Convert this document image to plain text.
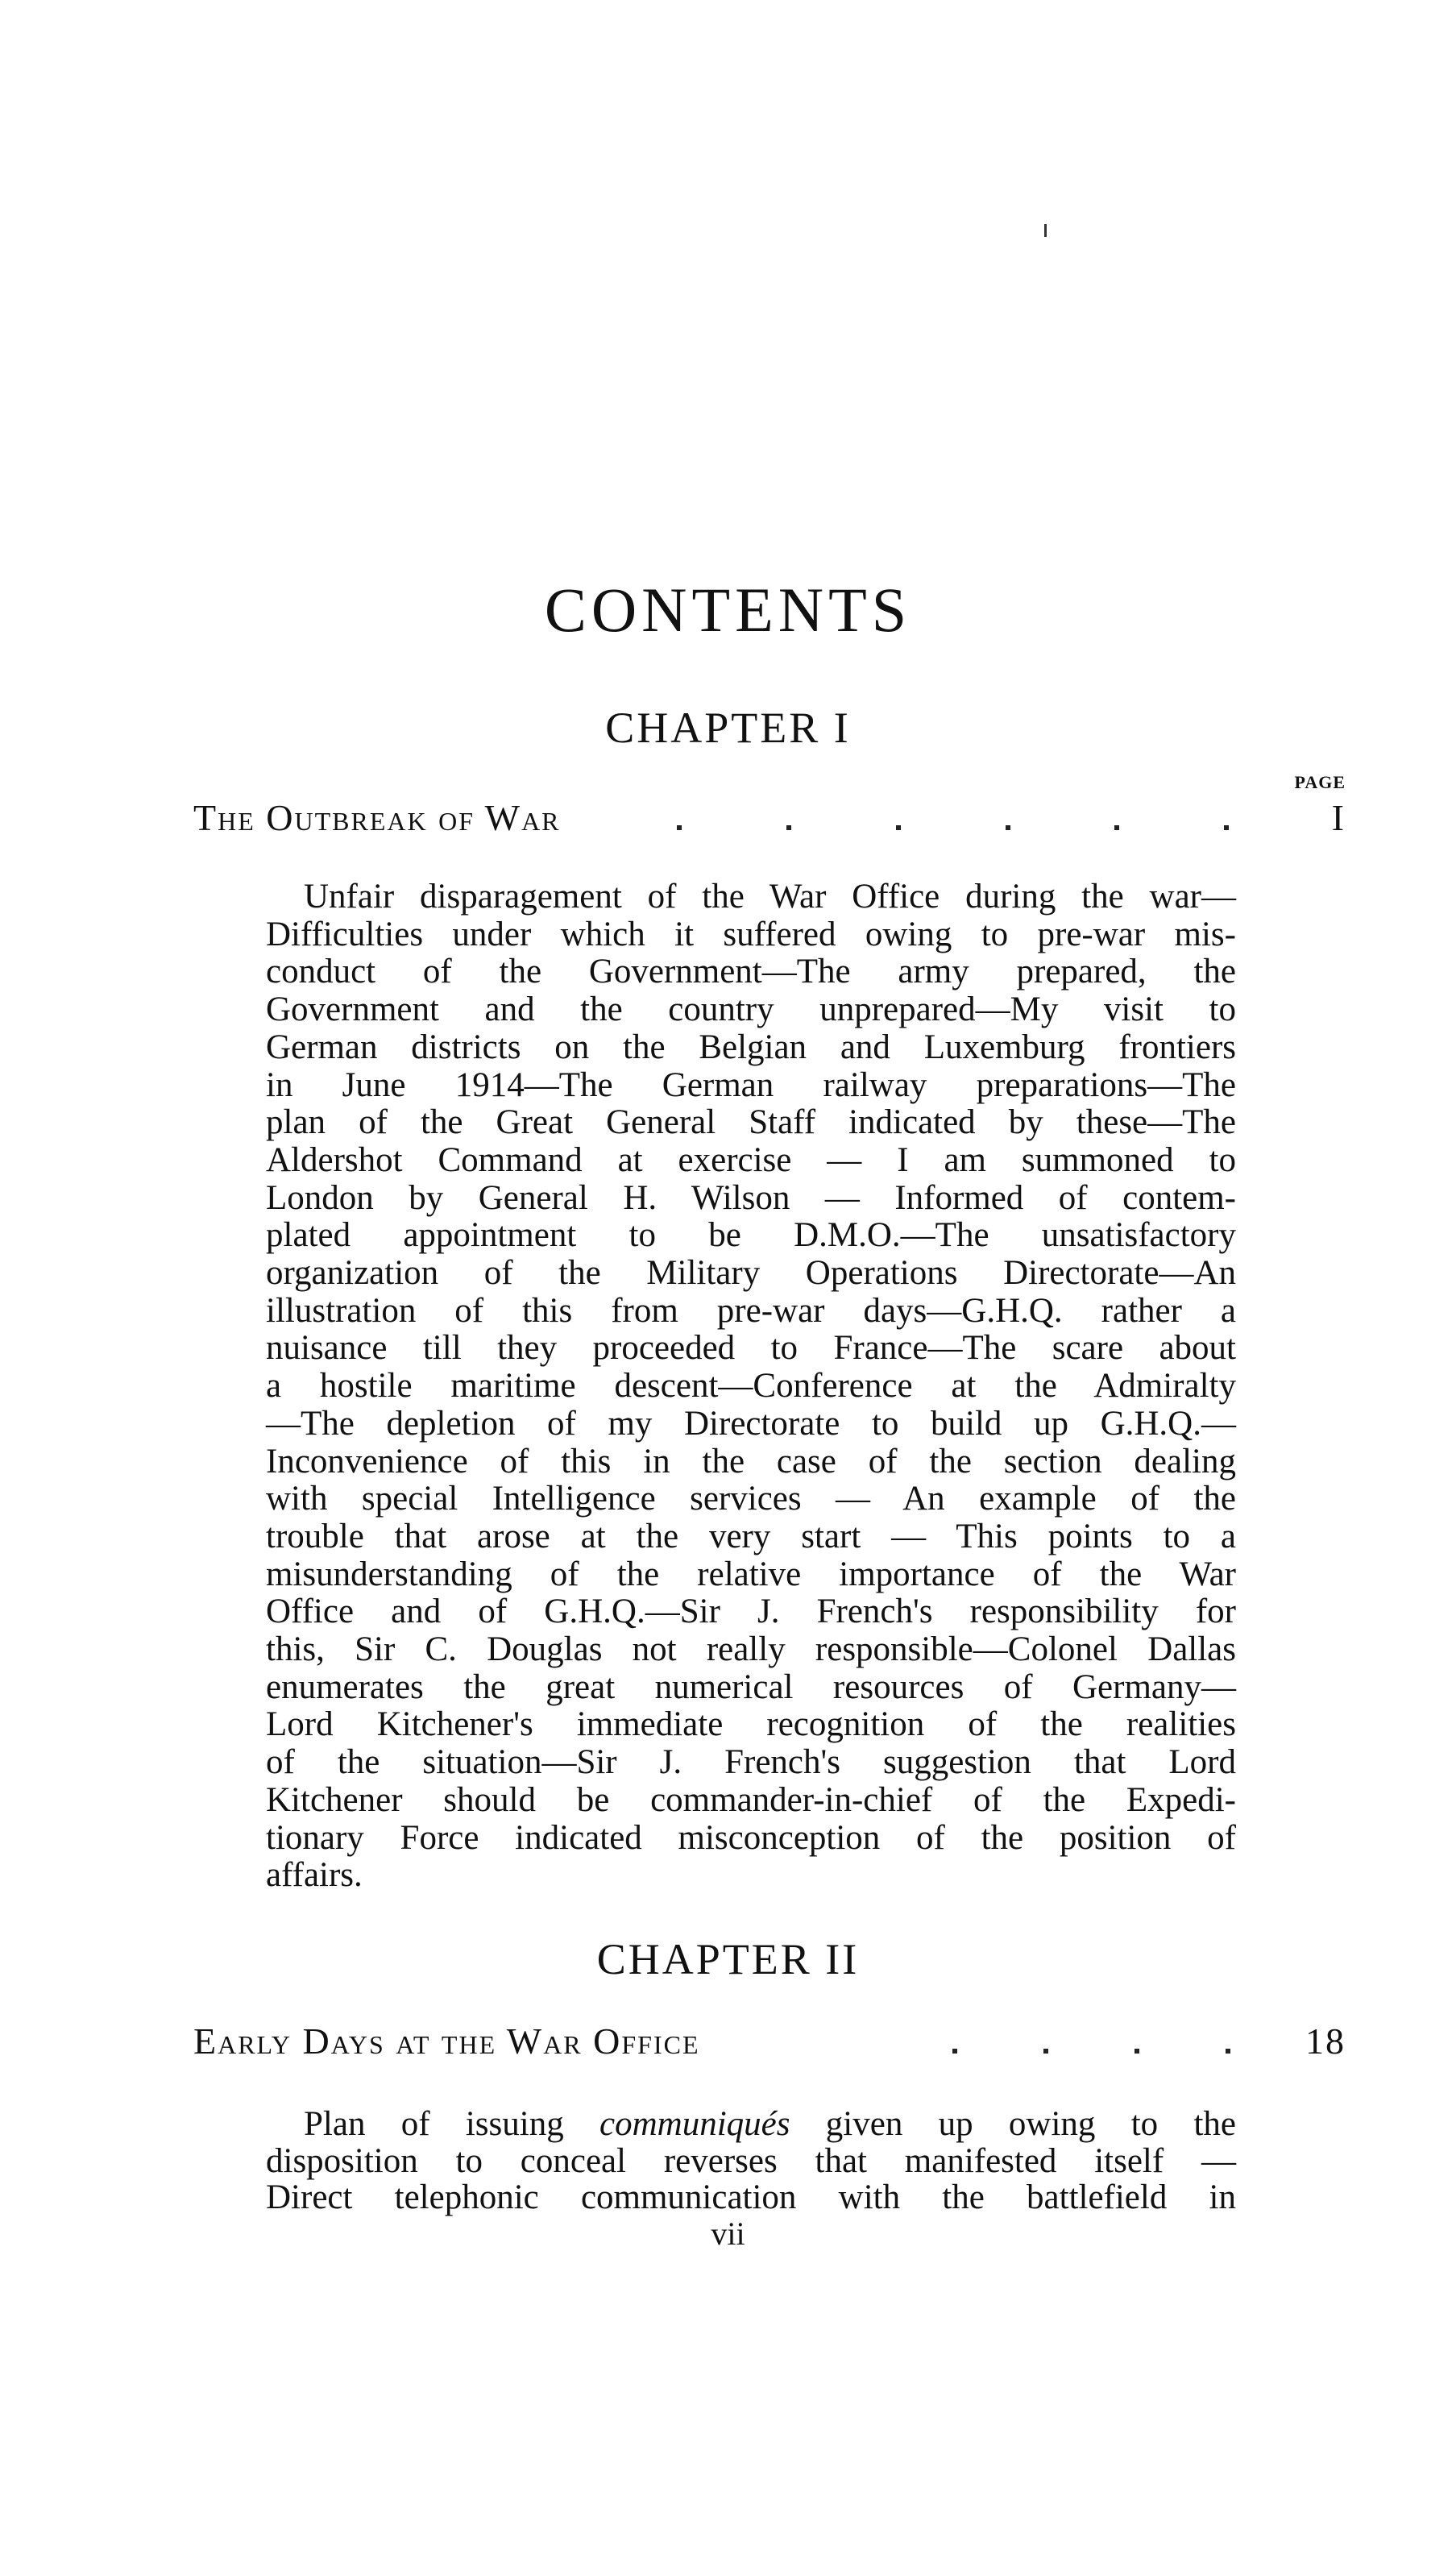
CONTENTS
CHAPTER I
PAGE
The Outbreak of War	I
Unfair disparagement of the War Office during the war—
Difficulties under which it suffered owing to pre-war mis-
conduct of the Government—The army prepared, the
Government and the country unprepared—My visit to
German districts on the Belgian and Luxemburg frontiers
in June 1914—The German railway preparations—The
plan of the Great General Staff indicated by these—The
Aldershot Command at exercise — I am summoned to
London by General H. Wilson — Informed of contem-
plated appointment to be D.M.O.—The unsatisfactory
organization of the Military Operations Directorate—An
illustration of this from pre-war days—G.H.Q. rather a
nuisance till they proceeded to France—The scare about
a hostile maritime descent—Conference at the Admiralty
—The depletion of my Directorate to build up G.H.Q.—
Inconvenience of this in the case of the section dealing
with special Intelligence services — An example of the
trouble that arose at the very start — This points to a
misunderstanding of the relative importance of the War
Office and of G.H.Q.—Sir J. French's responsibility for
this, Sir C. Douglas not really responsible—Colonel Dallas
enumerates the great numerical resources of Germany—
Lord Kitchener's immediate recognition of the realities
of the situation—Sir J. French's suggestion that Lord
Kitchener should be commander-in-chief of the Expedi-
tionary Force indicated misconception of the position of
affairs.
CHAPTER II
Early Days at the War Office	18
Plan of issuing communiqués given up owing to the
disposition to conceal reverses that manifested itself —
Direct telephonic communication with the battlefield in
vii
